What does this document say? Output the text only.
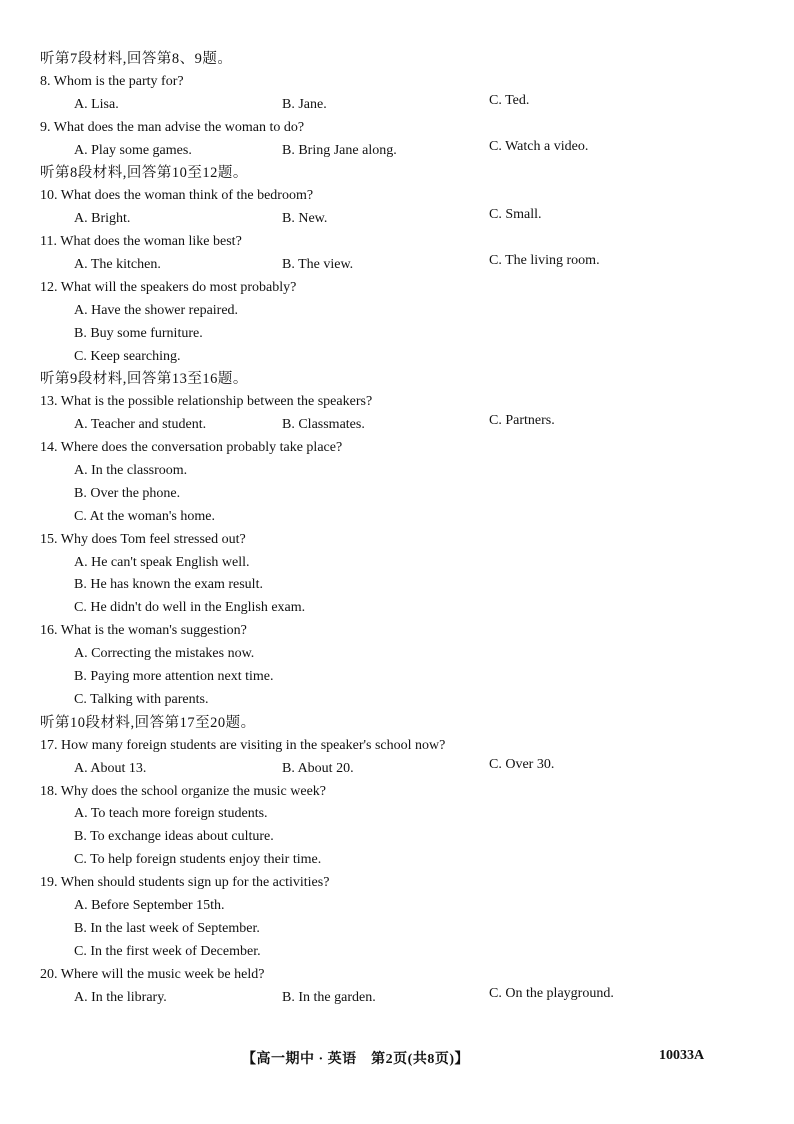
听第7段材料,回答第8、9题。
8. Whom is the party for?
A. Lisa.	B. Jane.	C. Ted.
9. What does the man advise the woman to do?
A. Play some games.	B. Bring Jane along.	C. Watch a video.
听第8段材料,回答第10至12题。
10. What does the woman think of the bedroom?
A. Bright.	B. New.	C. Small.
11. What does the woman like best?
A. The kitchen.	B. The view.	C. The living room.
12. What will the speakers do most probably?
A. Have the shower repaired.
B. Buy some furniture.
C. Keep searching.
听第9段材料,回答第13至16题。
13. What is the possible relationship between the speakers?
A. Teacher and student.	B. Classmates.	C. Partners.
14. Where does the conversation probably take place?
A. In the classroom.
B. Over the phone.
C. At the woman's home.
15. Why does Tom feel stressed out?
A. He can't speak English well.
B. He has known the exam result.
C. He didn't do well in the English exam.
16. What is the woman's suggestion?
A. Correcting the mistakes now.
B. Paying more attention next time.
C. Talking with parents.
听第10段材料,回答第17至20题。
17. How many foreign students are visiting in the speaker's school now?
A. About 13.	B. About 20.	C. Over 30.
18. Why does the school organize the music week?
A. To teach more foreign students.
B. To exchange ideas about culture.
C. To help foreign students enjoy their time.
19. When should students sign up for the activities?
A. Before September 15th.
B. In the last week of September.
C. In the first week of December.
20. Where will the music week be held?
A. In the library.	B. In the garden.	C. On the playground.
【高一期中 · 英语　第2页(共8页)】	10033A
